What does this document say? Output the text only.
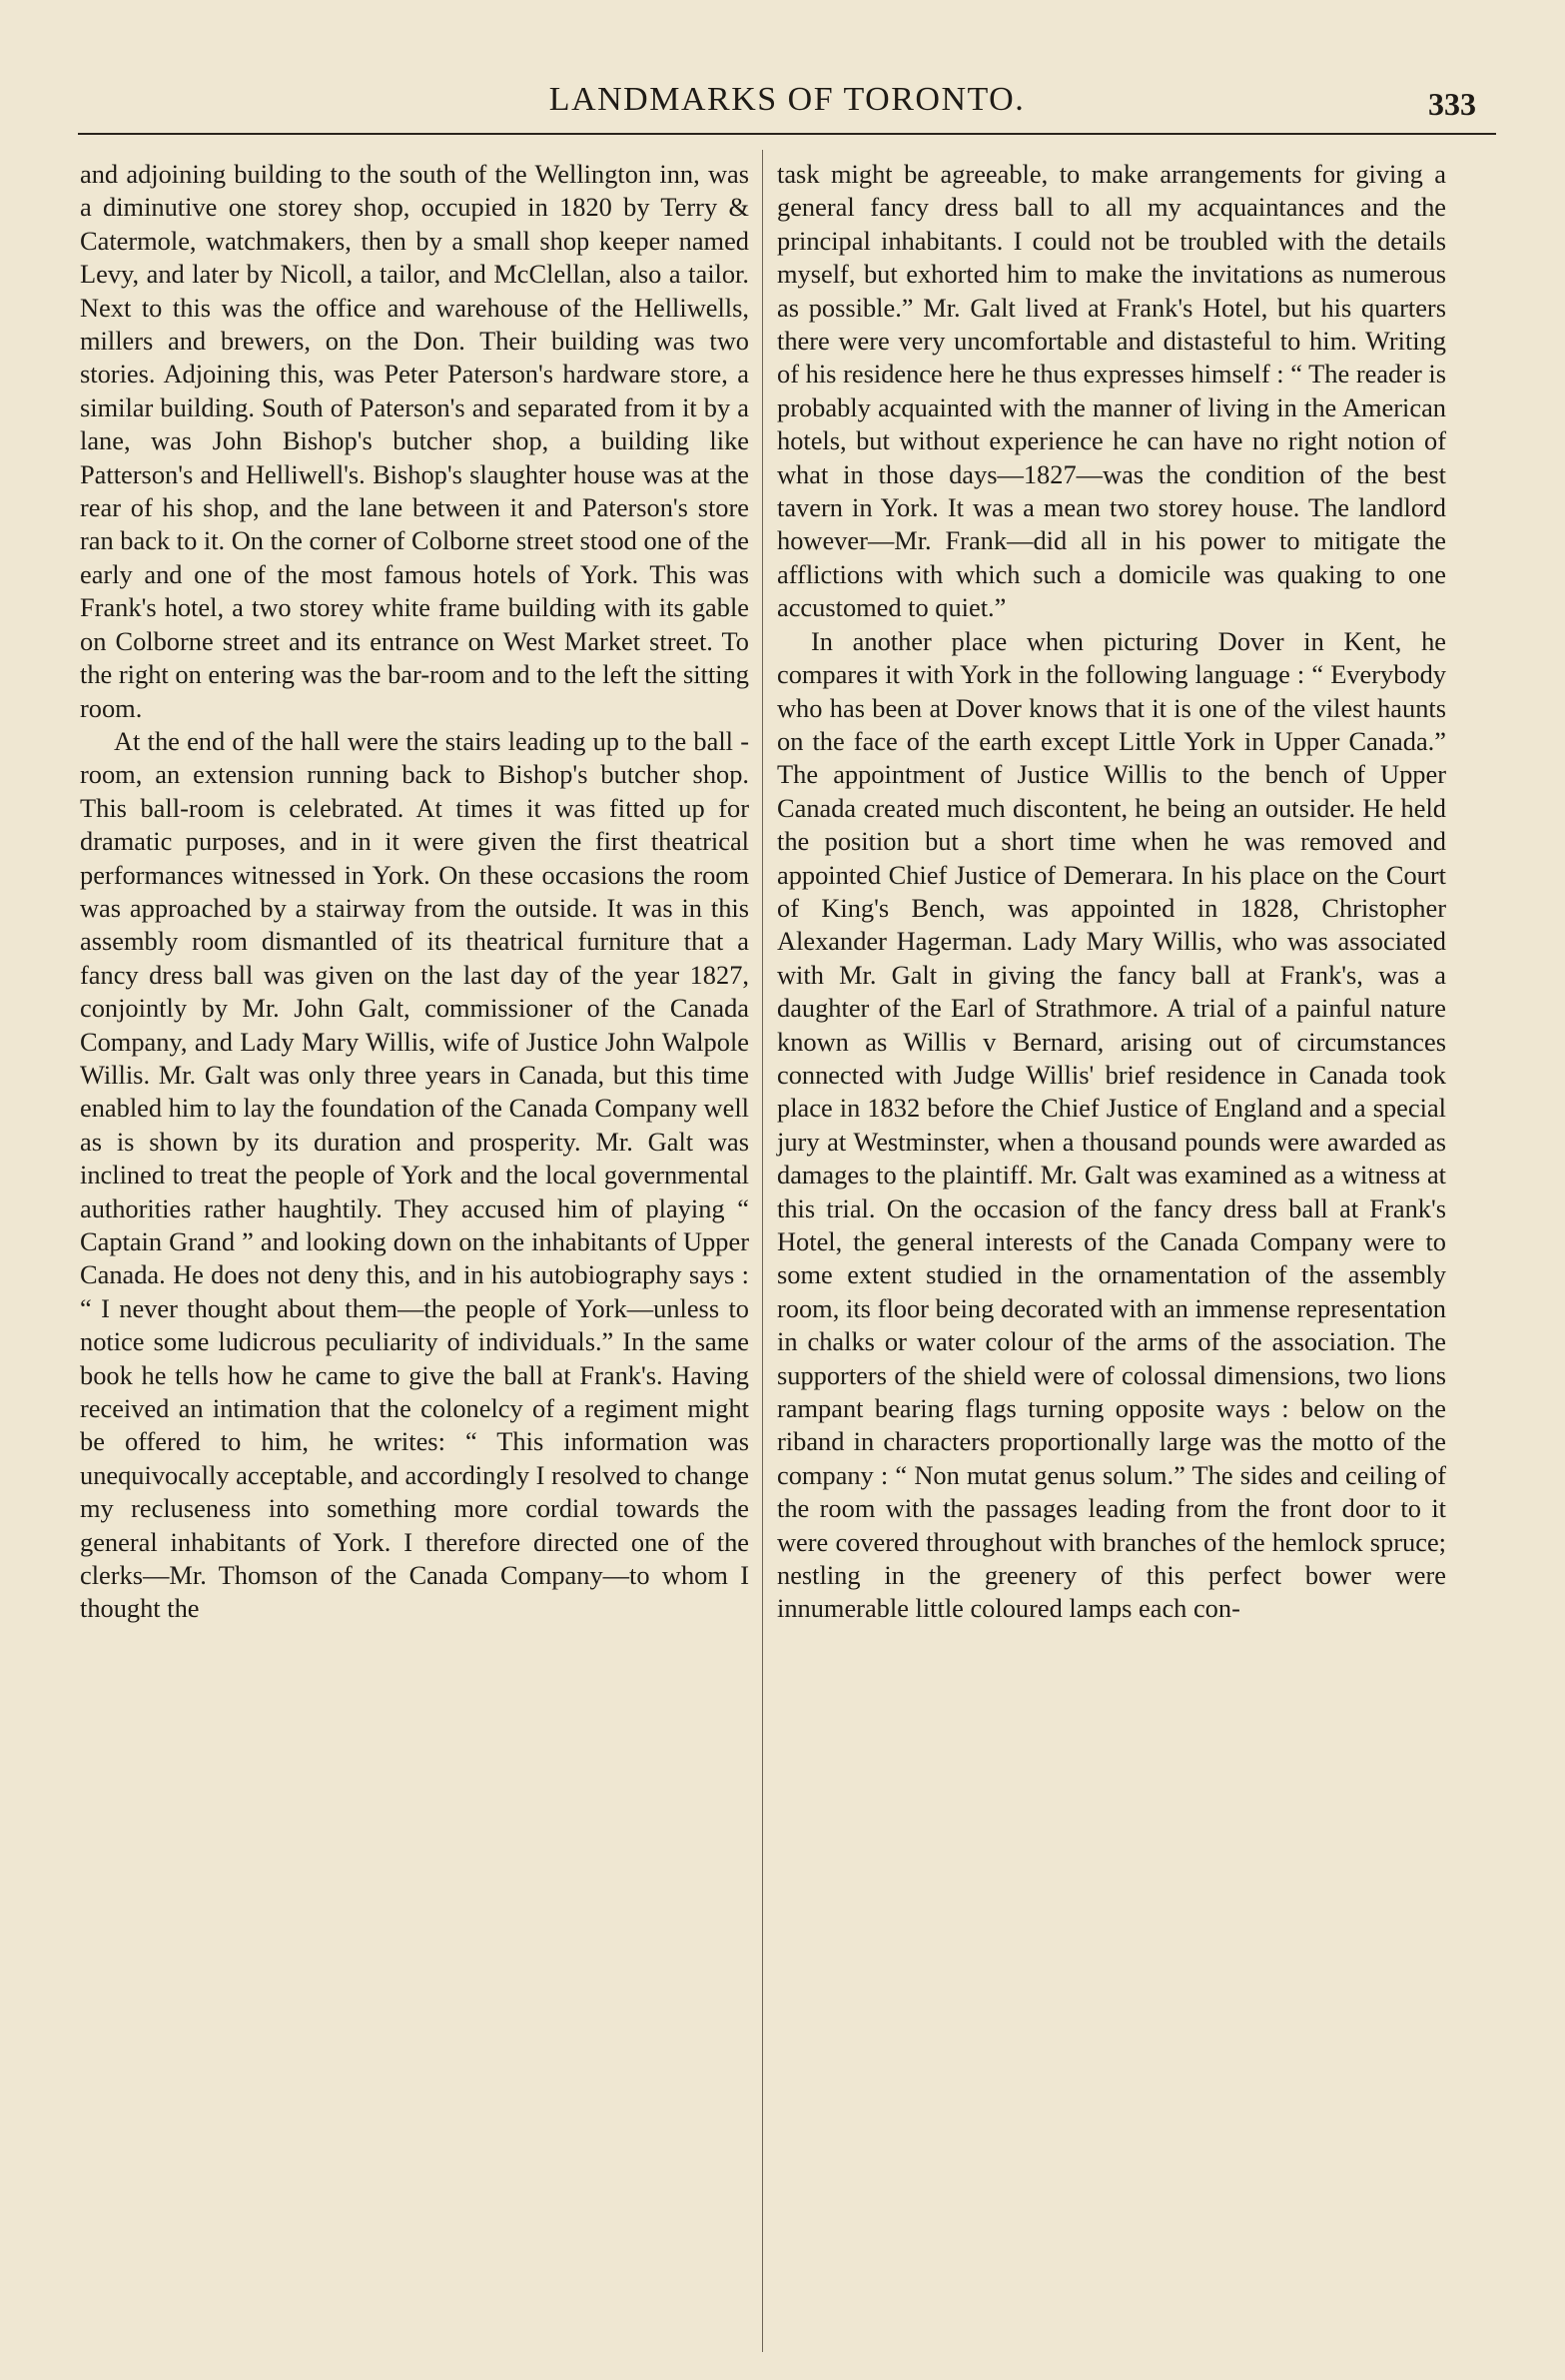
LANDMARKS OF TORONTO.	333

and adjoining building to the south of the Wellington inn, was a diminutive one storey shop, occupied in 1820 by Terry & Catermole, watchmakers, then by a small shop keeper named Levy, and later by Nicoll, a tailor, and McClellan, also a tailor. Next to this was the office and warehouse of the Helliwells, millers and brewers, on the Don. Their building was two stories. Adjoining this, was Peter Paterson's hardware store, a similar building. South of Paterson's and separated from it by a lane, was John Bishop's butcher shop, a building like Patterson's and Helliwell's. Bishop's slaughter house was at the rear of his shop, and the lane between it and Paterson's store ran back to it. On the corner of Colborne street stood one of the early and one of the most famous hotels of York. This was Frank's hotel, a two storey white frame building with its gable on Colborne street and its entrance on West Market street. To the right on entering was the bar-room and to the left the sitting room.

At the end of the hall were the stairs leading up to the ball - room, an extension running back to Bishop's butcher shop. This ball-room is celebrated. At times it was fitted up for dramatic purposes, and in it were given the first theatrical performances witnessed in York. On these occasions the room was approached by a stairway from the outside. It was in this assembly room dismantled of its theatrical furniture that a fancy dress ball was given on the last day of the year 1827, conjointly by Mr. John Galt, commissioner of the Canada Company, and Lady Mary Willis, wife of Justice John Walpole Willis. Mr. Galt was only three years in Canada, but this time enabled him to lay the foundation of the Canada Company well as is shown by its duration and prosperity. Mr. Galt was inclined to treat the people of York and the local governmental authorities rather haughtily. They accused him of playing “ Captain Grand ” and looking down on the inhabitants of Upper Canada. He does not deny this, and in his autobiography says : “ I never thought about them—the people of York—unless to notice some ludicrous peculiarity of individuals.” In the same book he tells how he came to give the ball at Frank's. Having received an intimation that the colonelcy of a regiment might be offered to him, he writes: “ This information was unequivocally acceptable, and accordingly I resolved to change my recluseness into something more cordial towards the general inhabitants of York. I therefore directed one of the clerks—Mr. Thomson of the Canada Company—to whom I thought the

task might be agreeable, to make arrangements for giving a general fancy dress ball to all my acquaintances and the principal inhabitants. I could not be troubled with the details myself, but exhorted him to make the invitations as numerous as possible.” Mr. Galt lived at Frank's Hotel, but his quarters there were very uncomfortable and distasteful to him. Writing of his residence here he thus expresses himself : “ The reader is probably acquainted with the manner of living in the American hotels, but without experience he can have no right notion of what in those days—1827—was the condition of the best tavern in York. It was a mean two storey house. The landlord however—Mr. Frank—did all in his power to mitigate the afflictions with which such a domicile was quaking to one accustomed to quiet.”

In another place when picturing Dover in Kent, he compares it with York in the following language : “ Everybody who has been at Dover knows that it is one of the vilest haunts on the face of the earth except Little York in Upper Canada.” The appointment of Justice Willis to the bench of Upper Canada created much discontent, he being an outsider. He held the position but a short time when he was removed and appointed Chief Justice of Demerara. In his place on the Court of King's Bench, was appointed in 1828, Christopher Alexander Hagerman. Lady Mary Willis, who was associated with Mr. Galt in giving the fancy ball at Frank's, was a daughter of the Earl of Strathmore. A trial of a painful nature known as Willis v Bernard, arising out of circumstances connected with Judge Willis' brief residence in Canada took place in 1832 before the Chief Justice of England and a special jury at Westminster, when a thousand pounds were awarded as damages to the plaintiff. Mr. Galt was examined as a witness at this trial. On the occasion of the fancy dress ball at Frank's Hotel, the general interests of the Canada Company were to some extent studied in the ornamentation of the assembly room, its floor being decorated with an immense representation in chalks or water colour of the arms of the association. The supporters of the shield were of colossal dimensions, two lions rampant bearing flags turning opposite ways : below on the riband in characters proportionally large was the motto of the company : “ Non mutat genus solum.” The sides and ceiling of the room with the passages leading from the front door to it were covered throughout with branches of the hemlock spruce; nestling in the greenery of this perfect bower were innumerable little coloured lamps each con-
